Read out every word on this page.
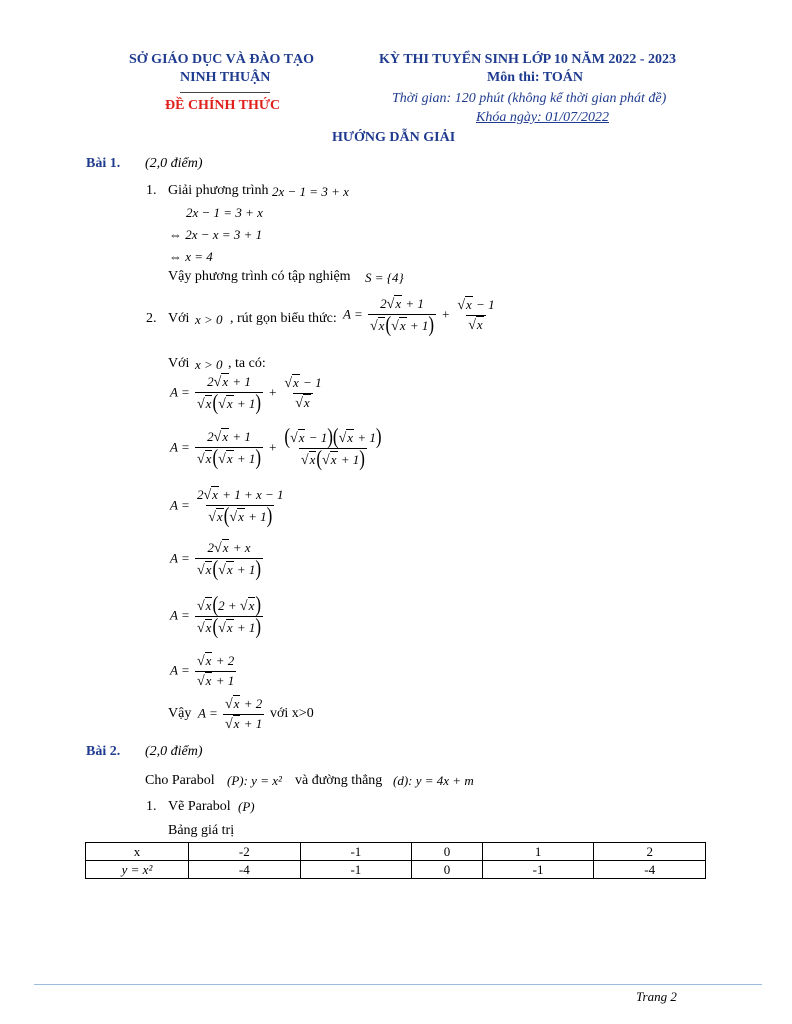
SỞ GIÁO DỤC VÀ ĐÀO TẠO
NINH THUẬN
ĐỀ CHÍNH THỨC
KỲ THI TUYỂN SINH LỚP 10 NĂM 2022 - 2023
Môn thi: TOÁN
Thời gian: 120 phút (không kể thời gian phát đề)
Khóa ngày: 01/07/2022
HƯỚNG DẪN GIẢI
Bài 1. (2,0 điểm)
1. Giải phương trình 2x − 1 = 3 + x
2x − 1 = 3 + x
⇔ 2x − x = 3 + 1
⇔ x = 4
Vậy phương trình có tập nghiệm S = {4}
2. Với x > 0 , rút gọn biểu thức: $A = \frac{2√x + 1}{√x(√x + 1)} + \frac{√x - 1}{√x}$
Với x > 0 , ta có:
$A = \frac{2√x + 1}{√x(√x + 1)} + \frac{√x - 1}{√x}$
$A = \frac{2√x + 1}{√x(√x + 1)} + \frac{(√x - 1)(√x + 1)}{√x(√x + 1)}$
$A = \frac{2√x + 1 + x - 1}{√x(√x + 1)}$
$A = \frac{2√x + x}{√x(√x + 1)}$
$A = \frac{√x(2 + √x)}{√x(√x + 1)}$
$A = \frac{√x + 2}{√x + 1}$
Vậy $A = \frac{√x + 2}{√x + 1}$ với x>0
Bài 2. (2,0 điểm)
Cho Parabol (P): y = x² và đường thẳng (d): y = 4x + m
1. Vẽ Parabol (P)
Bảng giá trị
x	-2	-1	0	1	2
y = x²	-4	-1	0	-1	-4
Trang 2
